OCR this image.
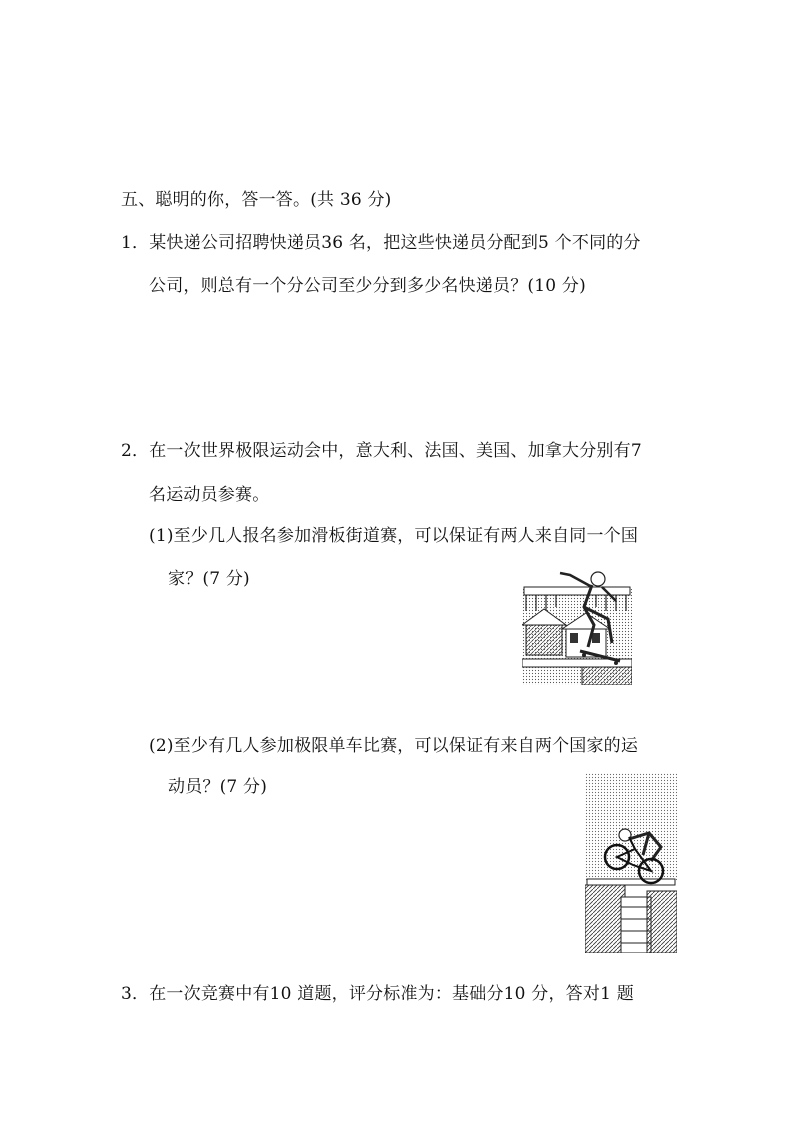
五、聪明的你，答一答。(共 36 分)
1．某快递公司招聘快递员36 名，把这些快递员分配到5 个不同的分
公司，则总有一个分公司至少分到多少名快递员？(10 分)
2．在一次世界极限运动会中，意大利、法国、美国、加拿大分别有7
名运动员参赛。
(1)至少几人报名参加滑板街道赛，可以保证有两人来自同一个国
家？(7 分)
(2)至少有几人参加极限单车比赛，可以保证有来自两个国家的运
动员？(7 分)
3．在一次竞赛中有10 道题，评分标准为：基础分10 分，答对1 题
